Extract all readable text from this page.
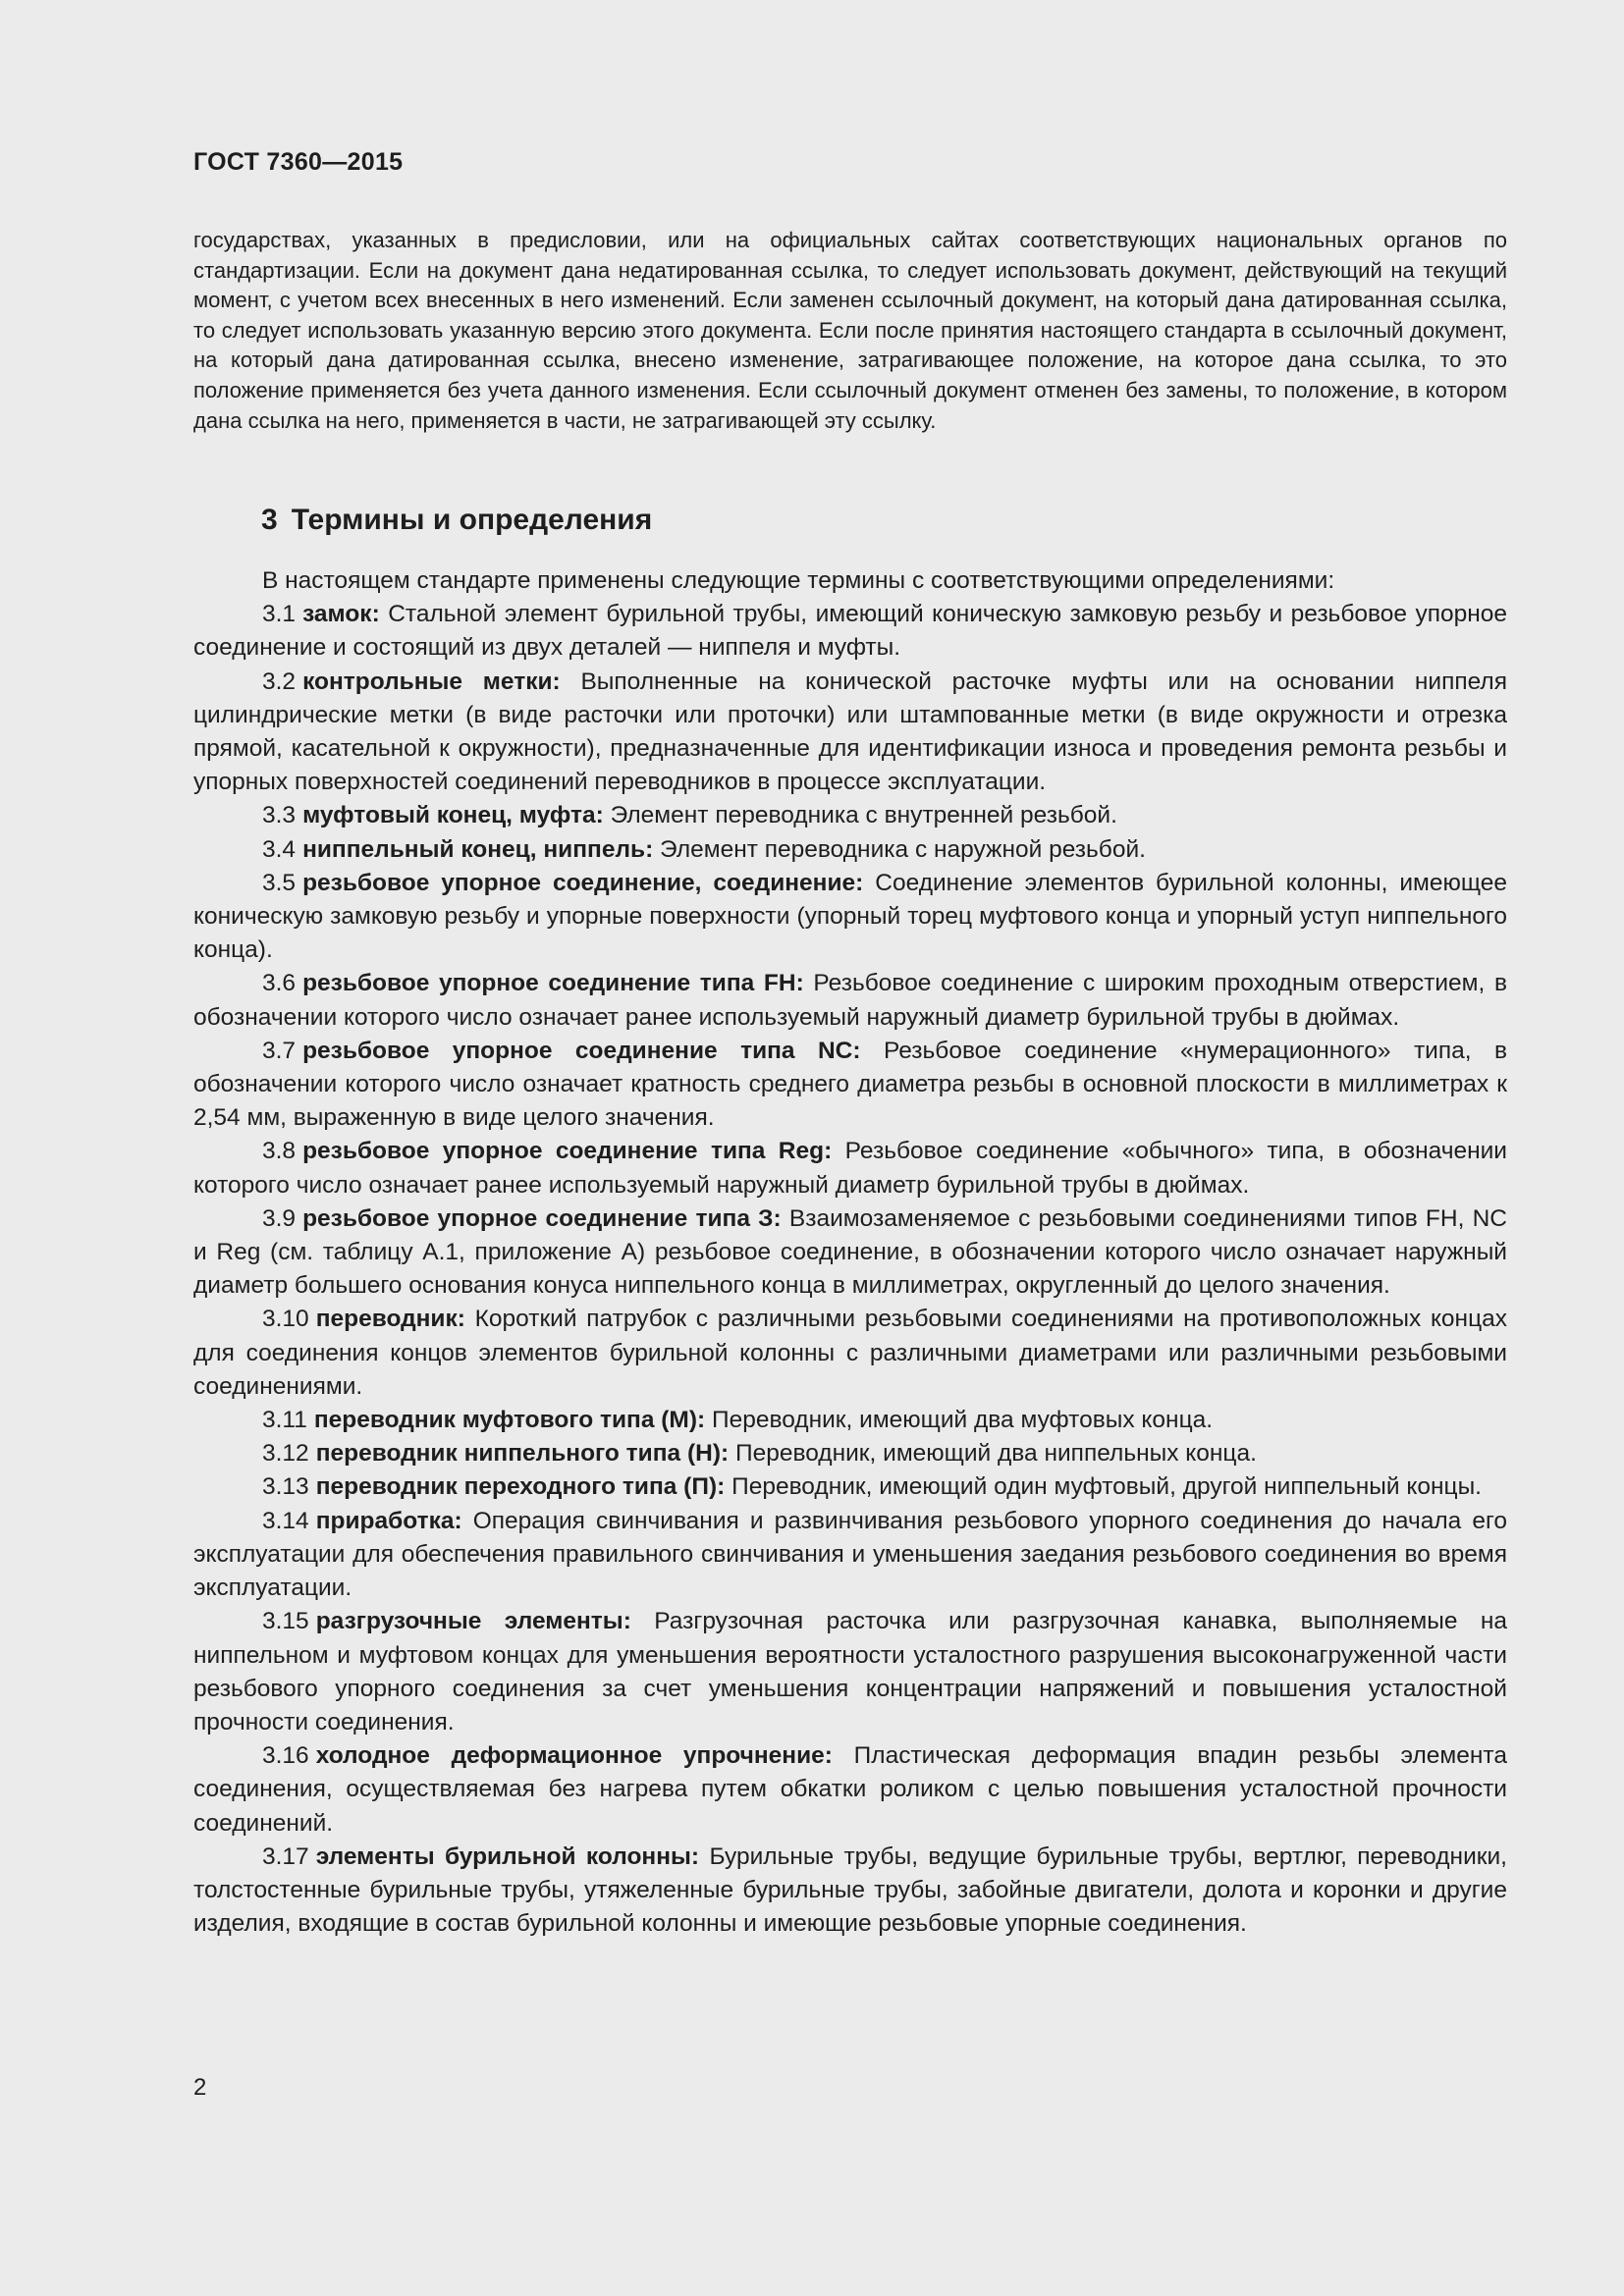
ГОСТ 7360—2015
государствах, указанных в предисловии, или на официальных сайтах соответствующих национальных органов по стандартизации. Если на документ дана недатированная ссылка, то следует использовать документ, действующий на текущий момент, с учетом всех внесенных в него изменений. Если заменен ссылочный документ, на который дана датированная ссылка, то следует использовать указанную версию этого документа. Если после принятия настоящего стандарта в ссылочный документ, на который дана датированная ссылка, внесено изменение, затрагивающее положение, на которое дана ссылка, то это положение применяется без учета данного изменения. Если ссылочный документ отменен без замены, то положение, в котором дана ссылка на него, применяется в части, не затрагивающей эту ссылку.
3 Термины и определения

В настоящем стандарте применены следующие термины с соответствующими определениями:

3.1 замок: Стальной элемент бурильной трубы, имеющий коническую замковую резьбу и резьбовое упорное соединение и состоящий из двух деталей — ниппеля и муфты.

3.2 контрольные метки: Выполненные на конической расточке муфты или на основании ниппеля цилиндрические метки (в виде расточки или проточки) или штампованные метки (в виде окружности и отрезка прямой, касательной к окружности), предназначенные для идентификации износа и проведения ремонта резьбы и упорных поверхностей соединений переводников в процессе эксплуатации.

3.3 муфтовый конец, муфта: Элемент переводника с внутренней резьбой.

3.4 ниппельный конец, ниппель: Элемент переводника с наружной резьбой.

3.5 резьбовое упорное соединение, соединение: Соединение элементов бурильной колонны, имеющее коническую замковую резьбу и упорные поверхности (упорный торец муфтового конца и упорный уступ ниппельного конца).

3.6 резьбовое упорное соединение типа FH: Резьбовое соединение с широким проходным отверстием, в обозначении которого число означает ранее используемый наружный диаметр бурильной трубы в дюймах.

3.7 резьбовое упорное соединение типа NC: Резьбовое соединение «нумерационного» типа, в обозначении которого число означает кратность среднего диаметра резьбы в основной плоскости в миллиметрах к 2,54 мм, выраженную в виде целого значения.

3.8 резьбовое упорное соединение типа Reg: Резьбовое соединение «обычного» типа, в обозначении которого число означает ранее используемый наружный диаметр бурильной трубы в дюймах.

3.9 резьбовое упорное соединение типа З: Взаимозаменяемое с резьбовыми соединениями типов FH, NC и Reg (см. таблицу А.1, приложение А) резьбовое соединение, в обозначении которого число означает наружный диаметр большего основания конуса ниппельного конца в миллиметрах, округленный до целого значения.

3.10 переводник: Короткий патрубок с различными резьбовыми соединениями на противоположных концах для соединения концов элементов бурильной колонны с различными диаметрами или различными резьбовыми соединениями.

3.11 переводник муфтового типа (М): Переводник, имеющий два муфтовых конца.

3.12 переводник ниппельного типа (Н): Переводник, имеющий два ниппельных конца.

3.13 переводник переходного типа (П): Переводник, имеющий один муфтовый, другой ниппельный концы.

3.14 приработка: Операция свинчивания и развинчивания резьбового упорного соединения до начала его эксплуатации для обеспечения правильного свинчивания и уменьшения заедания резьбового соединения во время эксплуатации.

3.15 разгрузочные элементы: Разгрузочная расточка или разгрузочная канавка, выполняемые на ниппельном и муфтовом концах для уменьшения вероятности усталостного разрушения высоконагруженной части резьбового упорного соединения за счет уменьшения концентрации напряжений и повышения усталостной прочности соединения.

3.16 холодное деформационное упрочнение: Пластическая деформация впадин резьбы элемента соединения, осуществляемая без нагрева путем обкатки роликом с целью повышения усталостной прочности соединений.

3.17 элементы бурильной колонны: Бурильные трубы, ведущие бурильные трубы, вертлюг, переводники, толстостенные бурильные трубы, утяжеленные бурильные трубы, забойные двигатели, долота и коронки и другие изделия, входящие в состав бурильной колонны и имеющие резьбовые упорные соединения.

2
